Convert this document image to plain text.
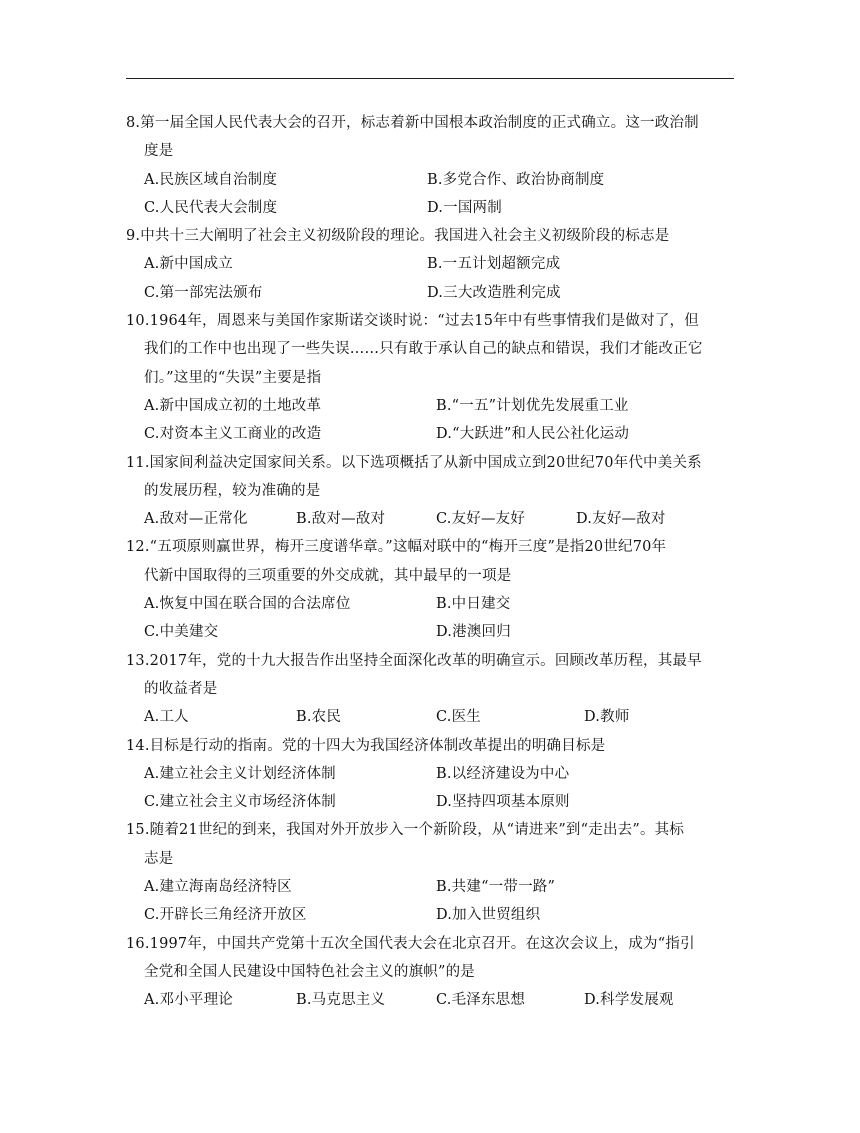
8.第一届全国人民代表大会的召开，标志着新中国根本政治制度的正式确立。这一政治制
度是
A.民族区域自治制度	B.多党合作、政治协商制度
C.人民代表大会制度	D.一国两制
9.中共十三大阐明了社会主义初级阶段的理论。我国进入社会主义初级阶段的标志是
A.新中国成立	B.一五计划超额完成
C.第一部宪法颁布	D.三大改造胜利完成
10.1964年，周恩来与美国作家斯诺交谈时说：“过去15年中有些事情我们是做对了，但
我们的工作中也出现了一些失误……只有敢于承认自己的缺点和错误，我们才能改正它
们。”这里的“失误”主要是指
A.新中国成立初的土地改革	B.“一五”计划优先发展重工业
C.对资本主义工商业的改造	D.“大跃进”和人民公社化运动
11.国家间利益决定国家间关系。以下选项概括了从新中国成立到20世纪70年代中美关系
的发展历程，较为准确的是
A.敌对—正常化	B.敌对—敌对	C.友好—友好	D.友好—敌对
12.“五项原则赢世界，梅开三度谱华章。”这幅对联中的“梅开三度”是指20世纪70年
代新中国取得的三项重要的外交成就，其中最早的一项是
A.恢复中国在联合国的合法席位	B.中日建交
C.中美建交	D.港澳回归
13.2017年，党的十九大报告作出坚持全面深化改革的明确宣示。回顾改革历程，其最早
的收益者是
A.工人	B.农民	C.医生	D.教师
14.目标是行动的指南。党的十四大为我国经济体制改革提出的明确目标是
A.建立社会主义计划经济体制	B.以经济建设为中心
C.建立社会主义市场经济体制	D.坚持四项基本原则
15.随着21世纪的到来，我国对外开放步入一个新阶段，从“请进来”到“走出去”。其标
志是
A.建立海南岛经济特区	B.共建“一带一路”
C.开辟长三角经济开放区	D.加入世贸组织
16.1997年，中国共产党第十五次全国代表大会在北京召开。在这次会议上，成为“指引
全党和全国人民建设中国特色社会主义的旗帜”的是
A.邓小平理论	B.马克思主义	C.毛泽东思想	D.科学发展观
